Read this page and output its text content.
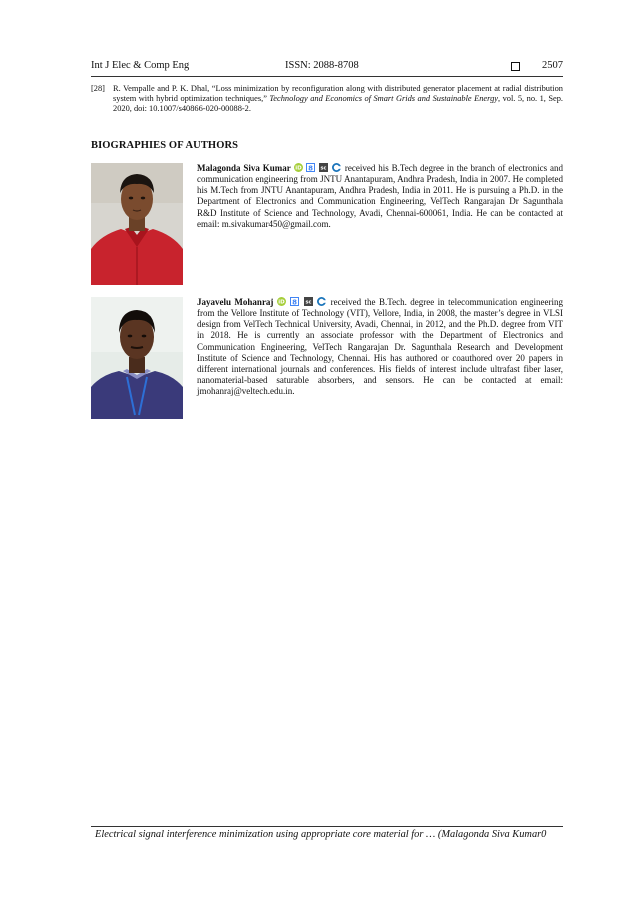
Int J Elec & Comp Eng	ISSN: 2088-8708	2507
[28] R. Vempalle and P. K. Dhal, “Loss minimization by reconfiguration along with distributed generator placement at radial distribution system with hybrid optimization techniques,” Technology and Economics of Smart Grids and Sustainable Energy, vol. 5, no. 1, Sep. 2020, doi: 10.1007/s40866-020-00088-2.
BIOGRAPHIES OF AUTHORS
Malagonda Siva Kumar iD
8
sc
received his B.Tech degree in the branch of electronics and communication engineering from JNTU Anantapuram, Andhra Pradesh, India in 2007. He completed his M.Tech from JNTU Anantapuram, Andhra Pradesh, India in 2011. He is pursuing a Ph.D. in the Department of Electronics and Communication Engineering, VelTech Rangarajan Dr Sagunthala R&D Institute of Science and Technology, Avadi, Chennai-600061, India. He can be contacted at email: m.sivakumar450@gmail.com.
Jayavelu Mohanraj iD
8
sc
received the B.Tech. degree in telecommunication engineering from the Vellore Institute of Technology (VIT), Vellore, India, in 2008, the master’s degree in VLSI design from VelTech Technical University, Avadi, Chennai, in 2012, and the Ph.D. degree from VIT in 2018. He is currently an associate professor with the Department of Electronics and Communication Engineering, VelTech Rangarajan Dr. Sagunthala Research and Development Institute of Science and Technology, Chennai. His has authored or coauthored over 20 papers in different international journals and conferences. His fields of interest include ultrafast fiber laser, nanomaterial-based saturable absorbers, and sensors. He can be contacted at email: jmohanraj@veltech.edu.in.
Electrical signal interference minimization using appropriate core material for … (Malagonda Siva Kumar0
